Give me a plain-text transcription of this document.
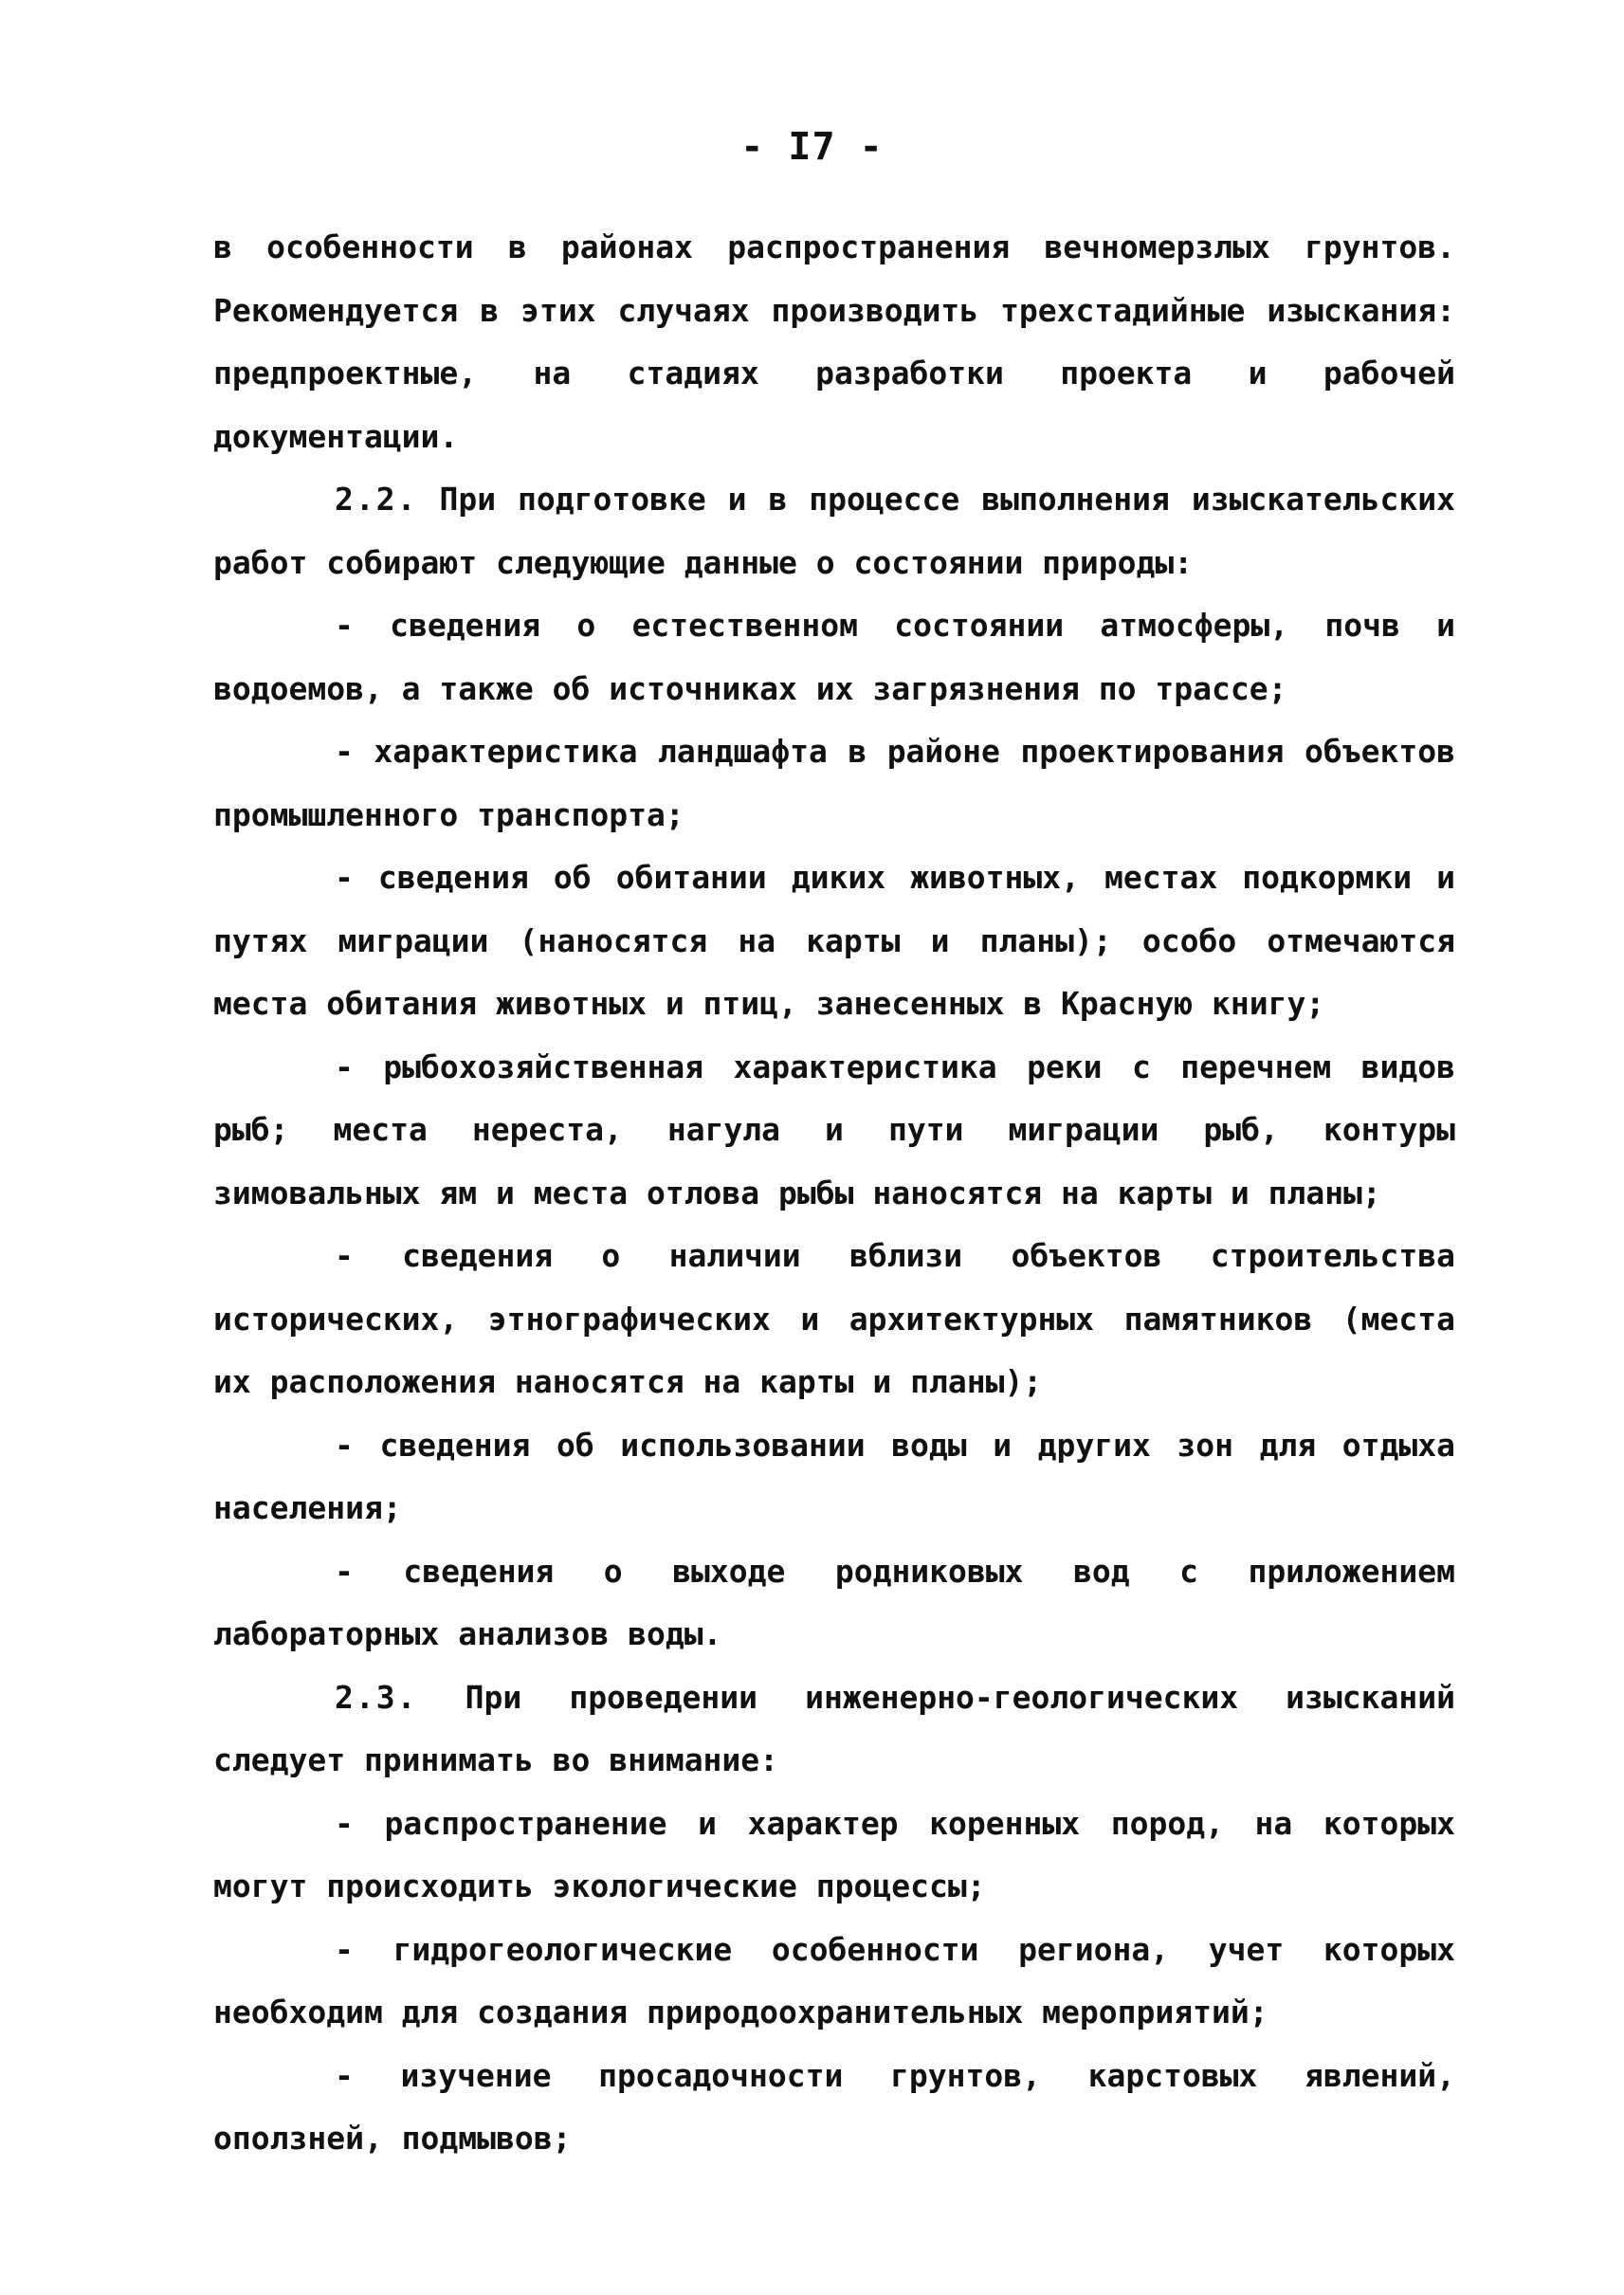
- I7 -

в особенности в районах распространения вечномерзлых грунтов. Рекомендуется в этих случаях производить трехстадийные изыскания: предпроектные, на стадиях разработки проекта и рабочей документации.

2.2. При подготовке и в процессе выполнения изыскательских работ собирают следующие данные о состоянии природы:

- сведения о естественном состоянии атмосферы, почв и водоемов, а также об источниках их загрязнения по трассе;

- характеристика ландшафта в районе проектирования объектов промышленного транспорта;

- сведения об обитании диких животных, местах подкормки и путях миграции (наносятся на карты и планы); особо отмечаются места обитания животных и птиц, занесенных в Красную книгу;

- рыбохозяйственная характеристика реки с перечнем видов рыб; места нереста, нагула и пути миграции рыб, контуры зимовальных ям и места отлова рыбы наносятся на карты и планы;

- сведения о наличии вблизи объектов строительства исторических, этнографических и архитектурных памятников (места их расположения наносятся на карты и планы);

- сведения об использовании воды и других зон для отдыха населения;

- сведения о выходе родниковых вод с приложением лабораторных анализов воды.

2.3. При проведении инженерно-геологических изысканий следует принимать во внимание:

- распространение и характер коренных пород, на которых могут происходить экологические процессы;

- гидрогеологические особенности региона, учет которых необходим для создания природоохранительных мероприятий;

- изучение просадочности грунтов, карстовых явлений, оползней, подмывов;
